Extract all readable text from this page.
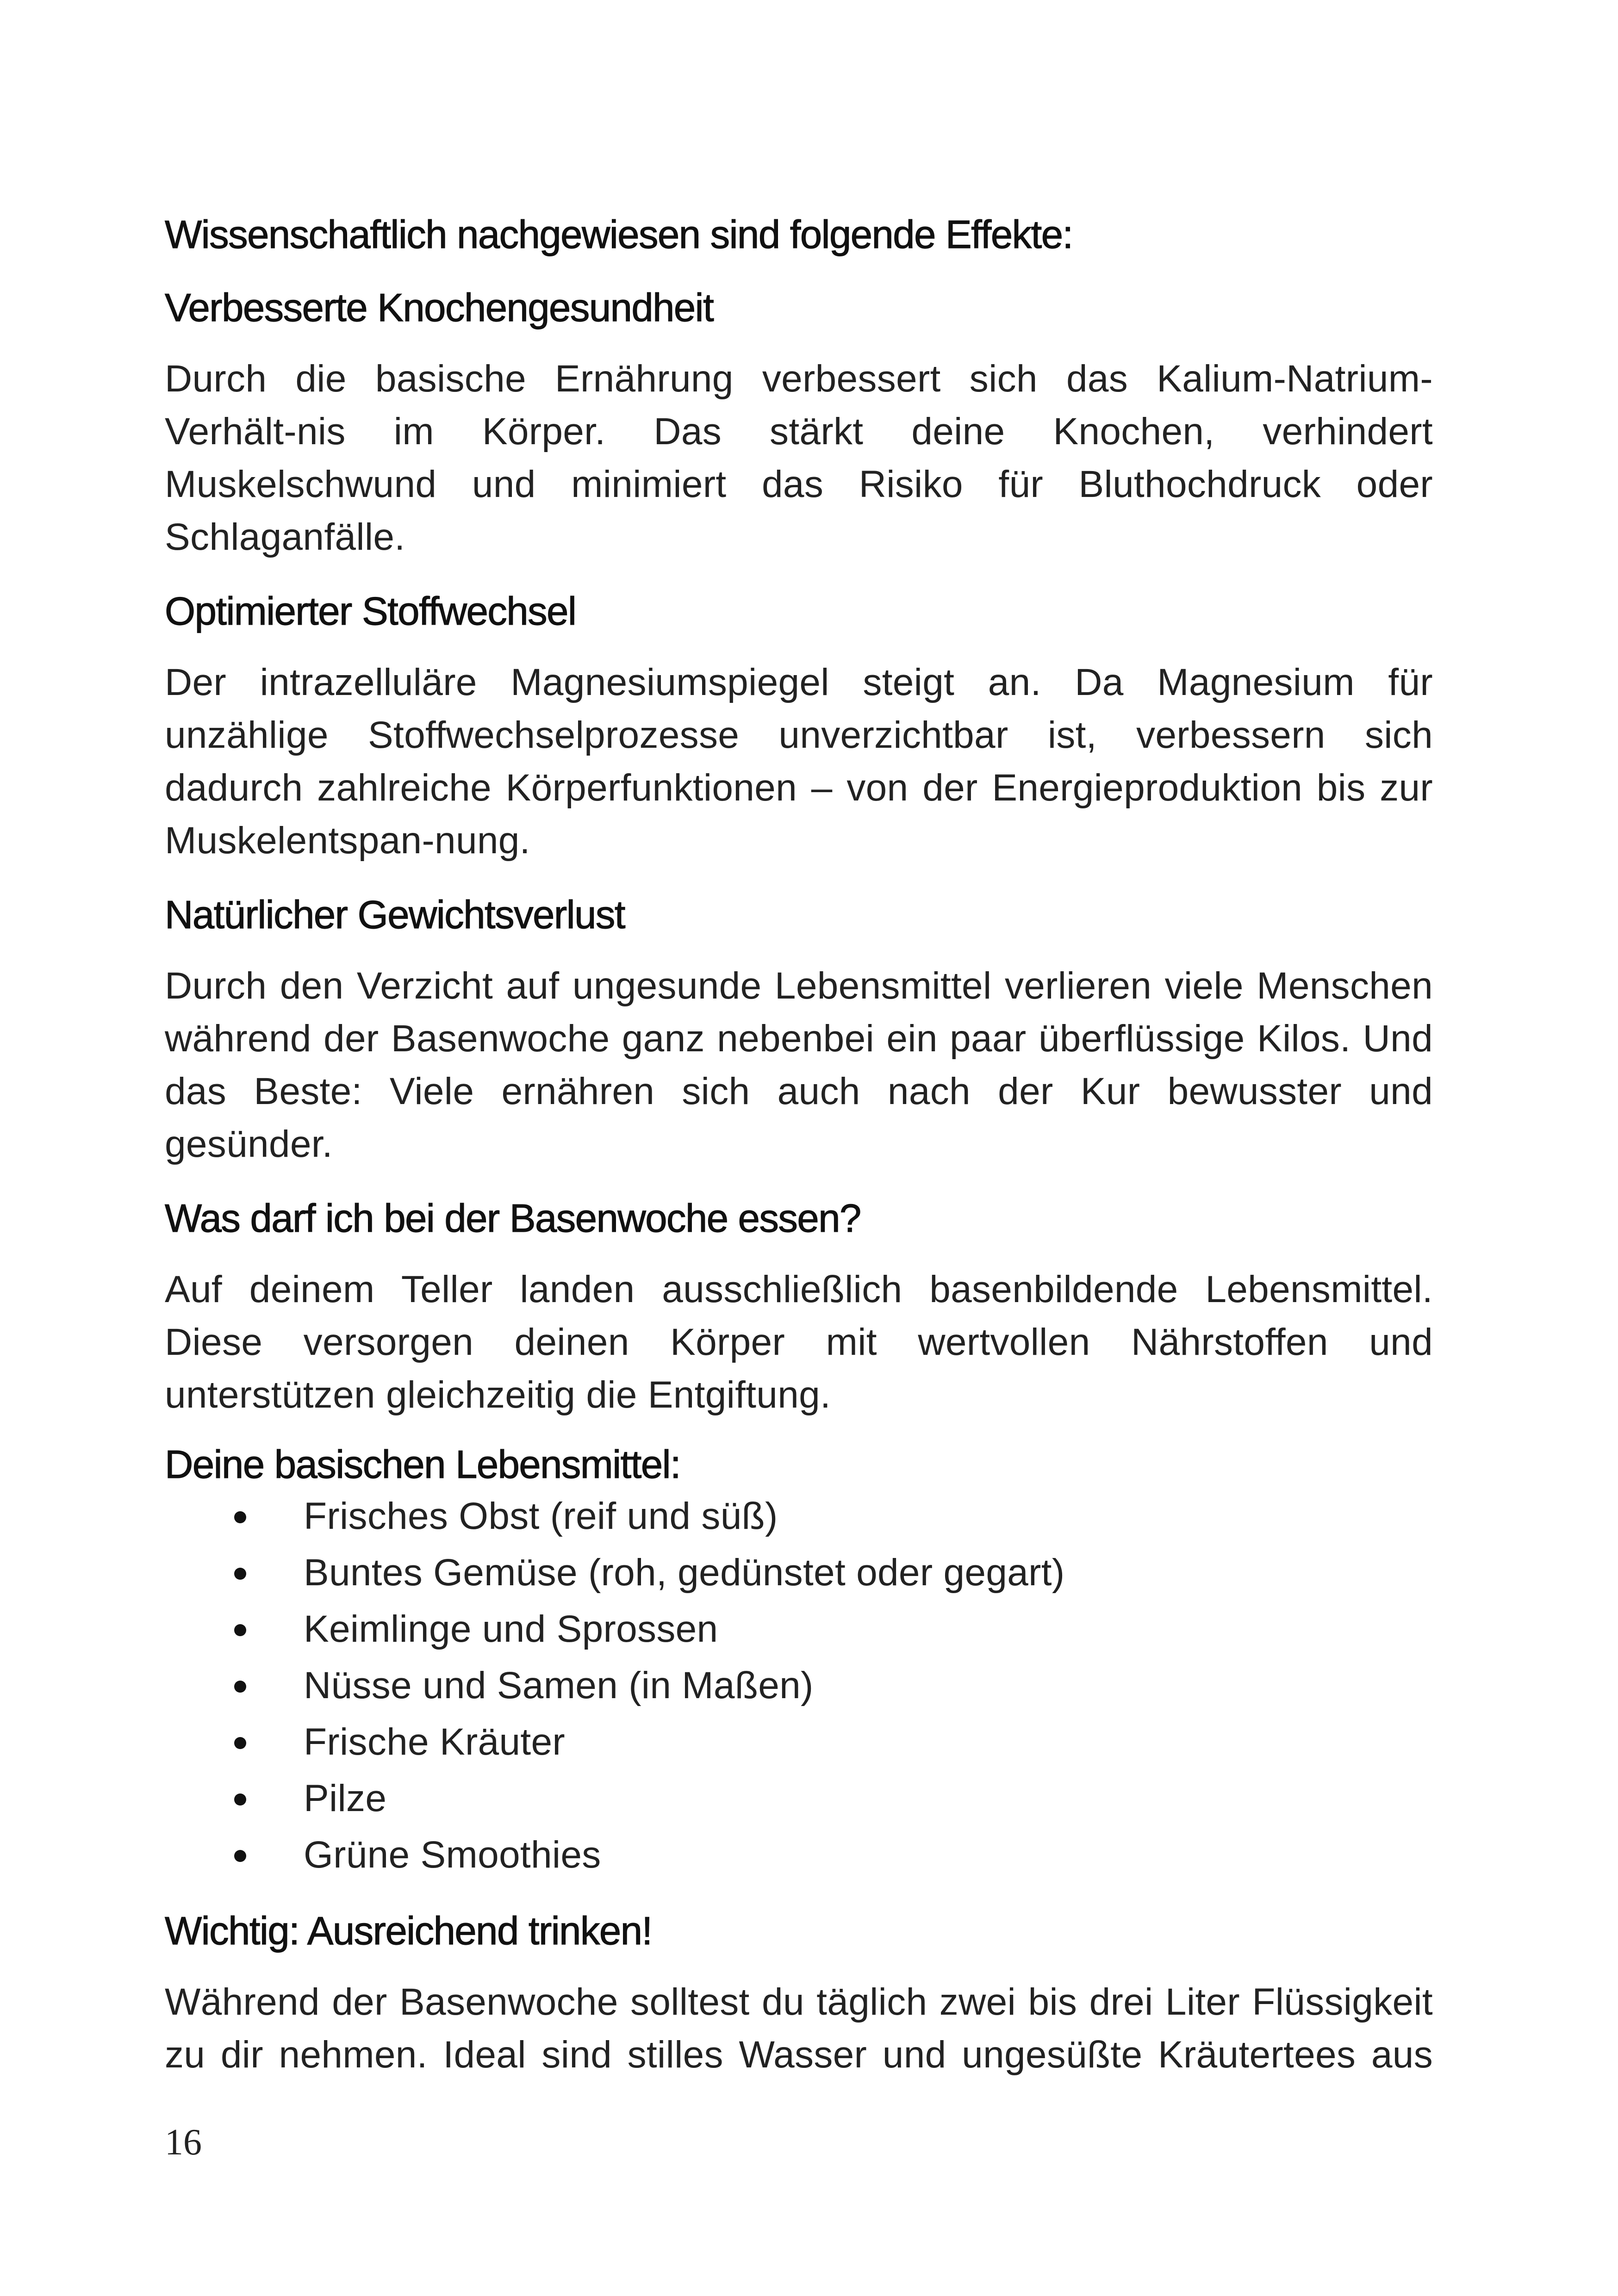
Wissenschaftlich nachgewiesen sind folgende Effekte:
Verbesserte Knochengesundheit

Durch die basische Ernährung verbessert sich das Kalium-Natrium-Verhält-nis im Körper. Das stärkt deine Knochen, verhindert Muskelschwund und minimiert das Risiko für Bluthochdruck oder Schlaganfälle.

Optimierter Stoffwechsel

Der intrazelluläre Magnesiumspiegel steigt an. Da Magnesium für unzählige Stoffwechselprozesse unverzichtbar ist, verbessern sich dadurch zahlreiche Körperfunktionen – von der Energieproduktion bis zur Muskelentspan-nung.

Natürlicher Gewichtsverlust

Durch den Verzicht auf ungesunde Lebensmittel verlieren viele Menschen während der Basenwoche ganz nebenbei ein paar überflüssige Kilos. Und das Beste: Viele ernähren sich auch nach der Kur bewusster und gesünder.

Was darf ich bei der Basenwoche essen?

Auf deinem Teller landen ausschließlich basenbildende Lebensmittel. Diese versorgen deinen Körper mit wertvollen Nährstoffen und unterstützen gleichzeitig die Entgiftung.

Deine basischen Lebensmittel:
Frisches Obst (reif und süß)
Buntes Gemüse (roh, gedünstet oder gegart)
Keimlinge und Sprossen
Nüsse und Samen (in Maßen)
Frische Kräuter
Pilze
Grüne Smoothies
Wichtig: Ausreichend trinken!

Während der Basenwoche solltest du täglich zwei bis drei Liter Flüssigkeit zu dir nehmen. Ideal sind stilles Wasser und ungesüßte Kräutertees aus

16
